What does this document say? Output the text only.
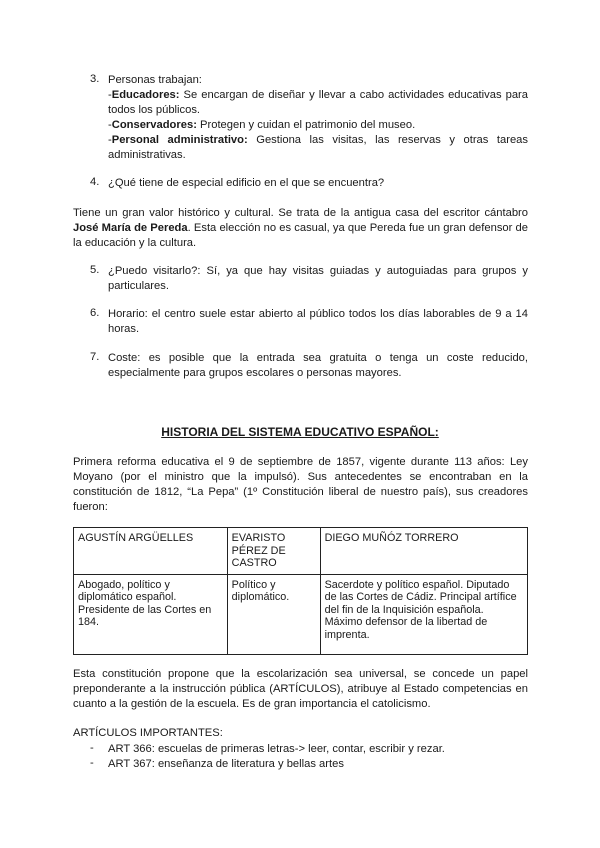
3. Personas trabajan:
-Educadores: Se encargan de diseñar y llevar a cabo actividades educativas para
todos los públicos.
-Conservadores: Protegen y cuidan el patrimonio del museo.
-Personal administrativo: Gestiona las visitas, las reservas y otras tareas
administrativas.
4. ¿Qué tiene de especial edificio en el que se encuentra?
Tiene un gran valor histórico y cultural. Se trata de la antigua casa del escritor cántabro
José María de Pereda. Esta elección no es casual, ya que Pereda fue un gran defensor de
la educación y la cultura.
5. ¿Puedo visitarlo?: Sí, ya que hay visitas guiadas y autoguiadas para grupos y
particulares.
6. Horario: el centro suele estar abierto al público todos los días laborables de 9 a 14
horas.
7. Coste: es posible que la entrada sea gratuita o tenga un coste reducido,
especialmente para grupos escolares o personas mayores.
HISTORIA DEL SISTEMA EDUCATIVO ESPAÑOL:
Primera reforma educativa el 9 de septiembre de 1857, vigente durante 113 años: Ley
Moyano (por el ministro que la impulsó). Sus antecedentes se encontraban en la
constitución de 1812, “La Pepa” (1º Constitución liberal de nuestro país), sus creadores
fueron:
AGUSTÍN ARGÜELLES	EVARISTO PÉREZ DE CASTRO	DIEGO MUÑÓZ TORRERO
Abogado, político y diplomático español. Presidente de las Cortes en 184.	Político y diplomático.	Sacerdote y político español. Diputado de las Cortes de Cádiz. Principal artífice del fin de la Inquisición española. Máximo defensor de la libertad de imprenta.
Esta constitución propone que la escolarización sea universal, se concede un papel
preponderante a la instrucción pública (ARTÍCULOS), atribuye al Estado competencias en
cuanto a la gestión de la escuela. Es de gran importancia el catolicismo.
ARTÍCULOS IMPORTANTES:
- ART 366: escuelas de primeras letras-> leer, contar, escribir y rezar.
- ART 367: enseñanza de literatura y bellas artes
